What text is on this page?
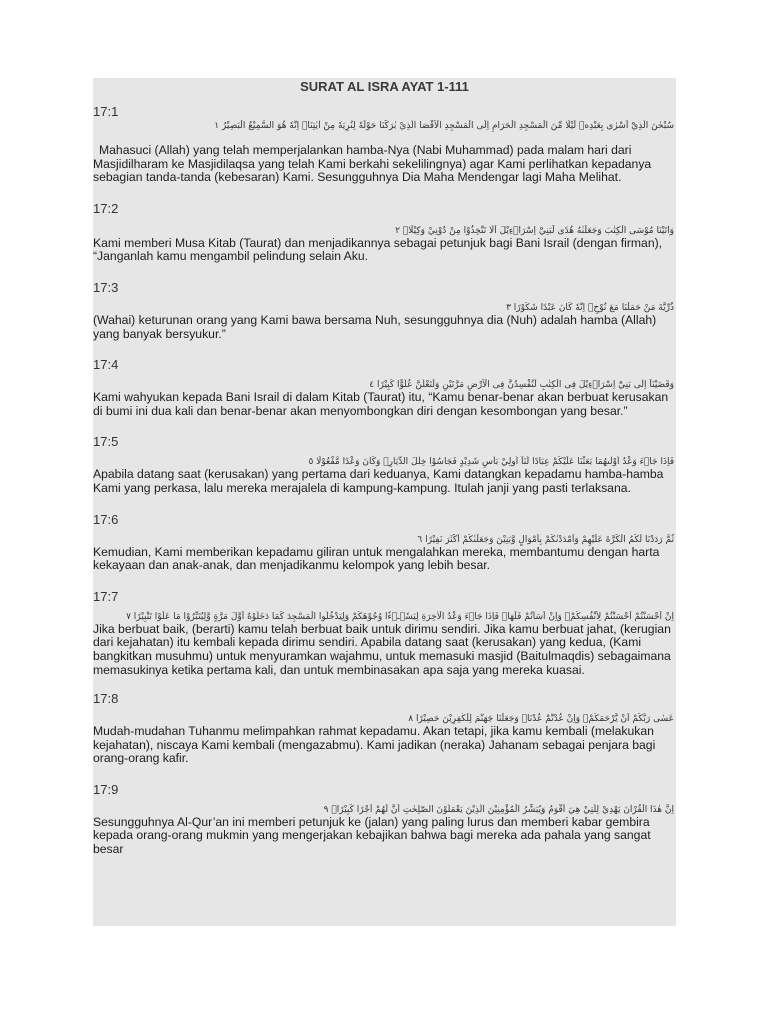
SURAT AL ISRA AYAT 1-111
17:1
سُبْحٰنَ الَّذِيْٓ اَسْرٰى بِعَبْدِهٖ لَيْلًا مِّنَ الْمَسْجِدِ الْحَرَامِ اِلَى الْمَسْجِدِ الْاَقْصَا الَّذِيْ بٰرَكْنَا حَوْلَهٗ لِنُرِيَهٗ مِنْ اٰيٰتِنَاۗ اِنَّهٗ هُوَ السَّمِيْعُ الْبَصِيْرُ ١
Mahasuci (Allah) yang telah memperjalankan hamba-Nya (Nabi Muhammad) pada malam hari dari Masjidilharam ke Masjidilaqsa yang telah Kami berkahi sekelilingnya) agar Kami perlihatkan kepadanya sebagian tanda-tanda (kebesaran) Kami. Sesungguhnya Dia Maha Mendengar lagi Maha Melihat.
17:2
وَاٰتَيْنَا مُوْسَى الْكِتٰبَ وَجَعَلْنٰهُ هُدًى لِّبَنِيْٓ اِسْرَاۤءِيْلَ اَلَّا تَتَّخِذُوْا مِنْ دُوْنِيْ وَكِيْلًاۗ ٢
Kami memberi Musa Kitab (Taurat) dan menjadikannya sebagai petunjuk bagi Bani Israil (dengan firman), “Janganlah kamu mengambil pelindung selain Aku.
17:3
ذُرِّيَّةَ مَنْ حَمَلْنَا مَعَ نُوْحٍۗ اِنَّهٗ كَانَ عَبْدًا شَكُوْرًا ٣
(Wahai) keturunan orang yang Kami bawa bersama Nuh, sesungguhnya dia (Nuh) adalah hamba (Allah) yang banyak bersyukur.”
17:4
وَقَضَيْنَآ اِلٰى بَنِيْٓ اِسْرَاۤءِيْلَ فِى الْكِتٰبِ لَتُفْسِدُنَّ فِى الْاَرْضِ مَرَّتَيْنِ وَلَتَعْلُنَّ عُلُوًّا كَبِيْرًا ٤
Kami wahyukan kepada Bani Israil di dalam Kitab (Taurat) itu, “Kamu benar-benar akan berbuat kerusakan di bumi ini dua kali dan benar-benar akan menyombongkan diri dengan kesombongan yang besar.”
17:5
فَاِذَا جَاۤءَ وَعْدُ اُوْلٰىهُمَا بَعَثْنَا عَلَيْكُمْ عِبَادًا لَّنَآ اُولِيْ بَأْسٍ شَدِيْدٍ فَجَاسُوْا خِلٰلَ الدِّيَارِۗ وَكَانَ وَعْدًا مَّفْعُوْلًا ٥
Apabila datang saat (kerusakan) yang pertama dari keduanya, Kami datangkan kepadamu hamba-hamba Kami yang perkasa, lalu mereka merajalela di kampung-kampung. Itulah janji yang pasti terlaksana.
17:6
ثُمَّ رَدَدْنَا لَكُمُ الْكَرَّةَ عَلَيْهِمْ وَاَمْدَدْنٰكُمْ بِاَمْوَالٍ وَّبَنِيْنَ وَجَعَلْنٰكُمْ اَكْثَرَ نَفِيْرًا ٦
Kemudian, Kami memberikan kepadamu giliran untuk mengalahkan mereka, membantumu dengan harta kekayaan dan anak-anak, dan menjadikanmu kelompok yang lebih besar.
17:7
اِنْ اَحْسَنْتُمْ اَحْسَنْتُمْ لِاَنْفُسِكُمْۗ وَاِنْ اَسَأْتُمْ فَلَهَاۗ فَاِذَا جَاۤءَ وَعْدُ الْاٰخِرَةِ لِيَسٗۤـࣖءٗا وُجُوْهَكُمْ وَلِيَدْخُلُوا الْمَسْجِدَ كَمَا دَخَلُوْهُ اَوَّلَ مَرَّةٍ وَّلِيُتَبِّرُوْا مَا عَلَوْا تَتْبِيْرًا ٧
Jika berbuat baik, (berarti) kamu telah berbuat baik untuk dirimu sendiri. Jika kamu berbuat jahat, (kerugian dari kejahatan) itu kembali kepada dirimu sendiri. Apabila datang saat (kerusakan) yang kedua, (Kami bangkitkan musuhmu) untuk menyuramkan wajahmu, untuk memasuki masjid (Baitulmaqdis) sebagaimana memasukinya ketika pertama kali, dan untuk membinasakan apa saja yang mereka kuasai.
17:8
عَسٰى رَبُّكُمْ اَنْ يَّرْحَمَكُمْۚ وَاِنْ عُدْتُّمْ عُدْنَاۘ وَجَعَلْنَا جَهَنَّمَ لِلْكٰفِرِيْنَ حَصِيْرًا ٨
Mudah-mudahan Tuhanmu melimpahkan rahmat kepadamu. Akan tetapi, jika kamu kembali (melakukan kejahatan), niscaya Kami kembali (mengazabmu). Kami jadikan (neraka) Jahanam sebagai penjara bagi orang-orang kafir.
17:9
اِنَّ هٰذَا الْقُرْاٰنَ يَهْدِيْ لِلَّتِيْ هِيَ اَقْوَمُ وَيُبَشِّرُ الْمُؤْمِنِيْنَ الَّذِيْنَ يَعْمَلُوْنَ الصّٰلِحٰتِ اَنَّ لَهُمْ اَجْرًا كَبِيْرًاۙ ٩
Sesungguhnya Al-Qur’an ini memberi petunjuk ke (jalan) yang paling lurus dan memberi kabar gembira kepada orang-orang mukmin yang mengerjakan kebajikan bahwa bagi mereka ada pahala yang sangat besar
